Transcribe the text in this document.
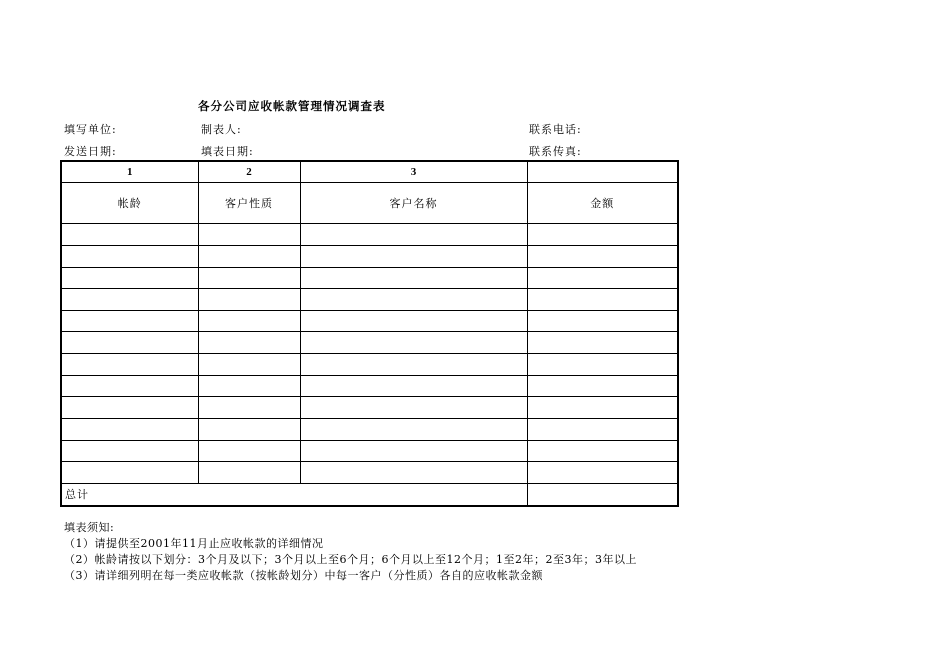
各分公司应收帐款管理情况调查表
填写单位:	制表人:	联系电话:
发送日期:	填表日期:	联系传真:
1	2	3	
帐龄	客户性质	客户名称	金额

总计			
填表须知:
（1）请提供至2001年11月止应收帐款的详细情况
（2）帐龄请按以下划分：3个月及以下；3个月以上至6个月；6个月以上至12个月；1至2年；2至3年；3年以上
（3）请详细列明在每一类应收帐款（按帐龄划分）中每一客户（分性质）各自的应收帐款金额
